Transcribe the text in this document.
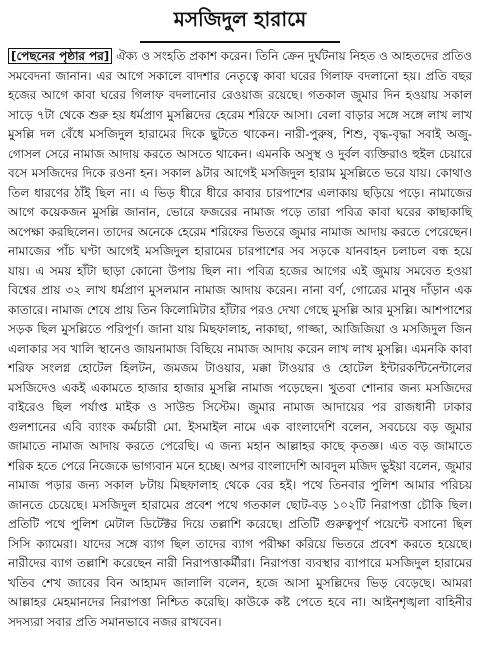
মসজিদুল হারামে

[পেছনের পৃষ্ঠার পর] ঐক্য ও সংহতি প্রকাশ করেন। তিনি ক্রেন দুর্ঘটনায় নিহত ও আহতদের প্রতিও সমবেদনা জানান। এর আগে সকালে বাদশার নেতৃত্বে কাবা ঘরের গিলাফ বদলানো হয়। প্রতি বছর হজের আগে কাবা ঘরের গিলাফ বদলানোর রেওয়াজ রয়েছে। গতকাল জুমার দিন হওয়ায় সকাল সাড়ে ৭টা থেকে শুরু হয় ধর্মপ্রাণ মুসল্লিদের হেরেম শরিফে আসা। বেলা বাড়ার সঙ্গে সঙ্গে লাখ লাখ মুসল্লি দল বেঁধে মসজিদুল হারামের দিকে ছুটতে থাকেন। নারী-পুরুষ, শিশু, বৃদ্ধ-বৃদ্ধা সবাই অজু-গোসল সেরে নামাজ আদায় করতে আসতে থাকেন। এমনকি অসুস্থ ও দুর্বল ব্যক্তিরাও হুইল চেয়ারে বসে মসজিদের দিকে রওনা হন। সকাল ৯টার আগেই মসজিদুল হারাম মুসল্লিতে ভরে যায়। কোথাও তিল ধারণের ঠাঁই ছিল না। এ ভিড় ধীরে ধীরে কাবার চারপাশের এলাকায় ছড়িয়ে পড়ে। নামাজের আগে কয়েকজন মুসল্লি জানান, ভোরে ফজরের নামাজ পড়ে তারা পবিত্র কাবা ঘরের কাছাকাছি অপেক্ষা করছিলেন। তাদের অনেকে হেরেম শরিফের ভিতরে জুমার নামাজ আদায় করতে পেরেছেন। নামাজের পাঁচ ঘণ্টা আগেই মসজিদুল হারামের চারপাশের সব সড়কে যানবাহন চলাচল বন্ধ হয়ে যায়। এ সময় হাঁটা ছাড়া কোনো উপায় ছিল না। পবিত্র হজের আগের এই জুমায় সমবেত হওয়া বিশ্বের প্রায় ৩২ লাখ ধর্মপ্রাণ মুসলমান নামাজ আদায় করেন। নানা বর্ণ, গোত্রের মানুষ দাঁড়ান এক কাতারে। নামাজ শেষে প্রায় তিন কিলোমিটার হাঁটার পরও দেখা গেছে মুসল্লি আর মুসল্লি। আশপাশের সড়ক ছিল মুসল্লিতে পরিপূর্ণ। জানা যায় মিছফালাহ, নাকাছা, গাজ্জা, আজিজিয়া ও মসজিদুল জিন এলাকার সব খালি স্থানেও জায়নামাজ বিছিয়ে নামাজ আদায় করেন লাখ লাখ মুসল্লি। এমনকি কাবা শরিফ সংলগ্ন হোটেল হিলটন, জমজম টাওয়ার, মক্কা টাওয়ার ও হোটেল ইন্টারকন্টিনেন্টালের মসজিদেও একই একামতে হাজার হাজার মুসল্লি নামাজ পড়েছেন। খুতবা শোনার জন্য মসজিদের বাইরেও ছিল পর্যাপ্ত মাইক ও সাউন্ড সিস্টেম। জুমার নামাজ আদায়ের পর রাজধানী ঢাকার গুলশানের এবি ব্যাংক কর্মচারী মো. ইসমাইল নামে এক বাংলাদেশি বলেন, সবচেয়ে বড় জুমার জামাতে নামাজ আদায় করতে পেরেছি। এ জন্য মহান আল্লাহর কাছে কৃতজ্ঞ। এত বড় জামাতে শরিক হতে পেরে নিজেকে ভাগ্যবান মনে হচ্ছে। অপর বাংলাদেশি আবদুল মজিদ ভুইয়া বলেন, জুমার নামাজ পড়ার জন্য সকাল ৮টায় মিছফালাহ থেকে বের হই। পথে তিনবার পুলিশ আমার পরিচয় জানতে চেয়েছে। মসজিদুল হারামের প্রবেশ পথে গতকাল ছোট-বড় ১০২টি নিরাপত্তা চৌকি ছিল। প্রতিটি পথে পুলিশ মেটাল ডিটেক্টর দিয়ে তল্লাশি করেছে। প্রতিটি গুরুত্বপূর্ণ পয়েন্টে বসানো ছিল সিসি ক্যামেরা। যাদের সঙ্গে ব্যাগ ছিল তাদের ব্যাগ পরীক্ষা করিয়ে ভিতরে প্রবেশ করতে হয়েছে। নারীদের ব্যাগ তল্লাশি করেছেন নারী নিরাপত্তাকর্মীরা। নিরাপত্তা ব্যবস্থার ব্যাপারে মসজিদুল হারামের খতিব শেখ জাবের বিন আহামদ জালালি বলেন, হজে আসা মুসল্লিদের ভিড় বেড়েছে। আমরা আল্লাহর মেহমানদের নিরাপত্তা নিশ্চিত করেছি। কাউকে কষ্ট পেতে হবে না। আইনশৃঙ্খলা বাহিনীর সদস্যরা সবার প্রতি সমানভাবে নজর রাখবেন।
